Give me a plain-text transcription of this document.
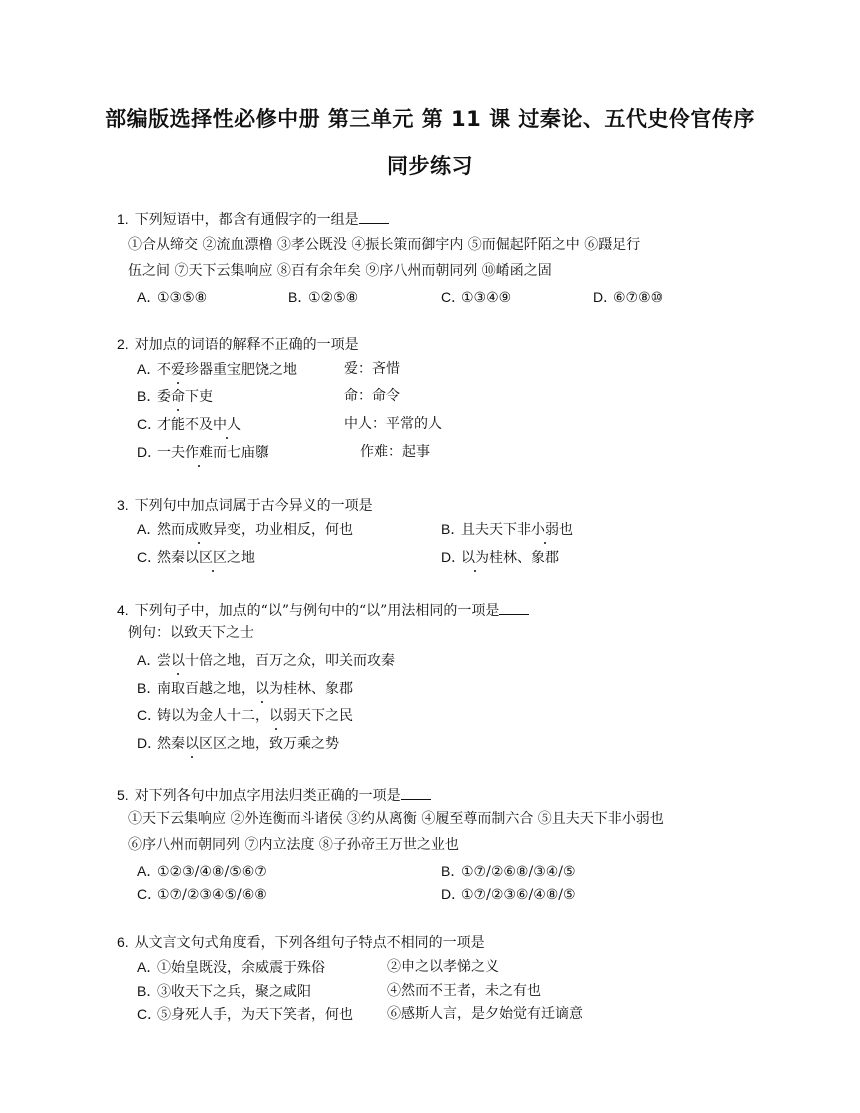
部编版选择性必修中册 第三单元 第 11 课 过秦论、五代史伶官传序
同步练习
1. 下列短语中，都含有通假字的一组是
①合从缔交 ②流血漂橹 ③孝公既没 ④振长策而御宇内 ⑤而倔起阡陌之中 ⑥蹑足行
伍之间 ⑦天下云集响应 ⑧百有余年矣 ⑨序八州而朝同列 ⑩崤函之固
A．①③⑤⑧	B．①②⑤⑧	C．①③④⑨	D．⑥⑦⑧⑩
2. 对加点的词语的解释不正确的一项是
A．不爱珍器重宝肥饶之地	爱：吝惜
B．委命下吏	命：命令
C．才能不及中人	中人：平常的人
D．一夫作难而七庙隳	作难：起事
3. 下列句中加点词属于古今异义的一项是
A．然而成败异变，功业相反，何也	B．且夫天下非小弱也
C．然秦以区区之地	D．以为桂林、象郡
4. 下列句子中，加点的“以”与例句中的“以”用法相同的一项是
例句：以致天下之士
A．尝以十倍之地，百万之众，叩关而攻秦
B．南取百越之地，以为桂林、象郡
C．铸以为金人十二，以弱天下之民
D．然秦以区区之地，致万乘之势
5. 对下列各句中加点字用法归类正确的一项是
①天下云集响应 ②外连衡而斗诸侯 ③约从离衡 ④履至尊而制六合 ⑤且夫天下非小弱也
⑥序八州而朝同列 ⑦内立法度 ⑧子孙帝王万世之业也
A．①②③/④⑧/⑤⑥⑦	B．①⑦/②⑥⑧/③④/⑤
C．①⑦/②③④⑤/⑥⑧	D．①⑦/②③⑥/④⑧/⑤
6. 从文言文句式角度看，下列各组句子特点不相同的一项是
A．①始皇既没，余威震于殊俗	②申之以孝悌之义
B．③收天下之兵，聚之咸阳	④然而不王者，未之有也
C．⑤身死人手，为天下笑者，何也 ⑥感斯人言，是夕始觉有迁谪意
